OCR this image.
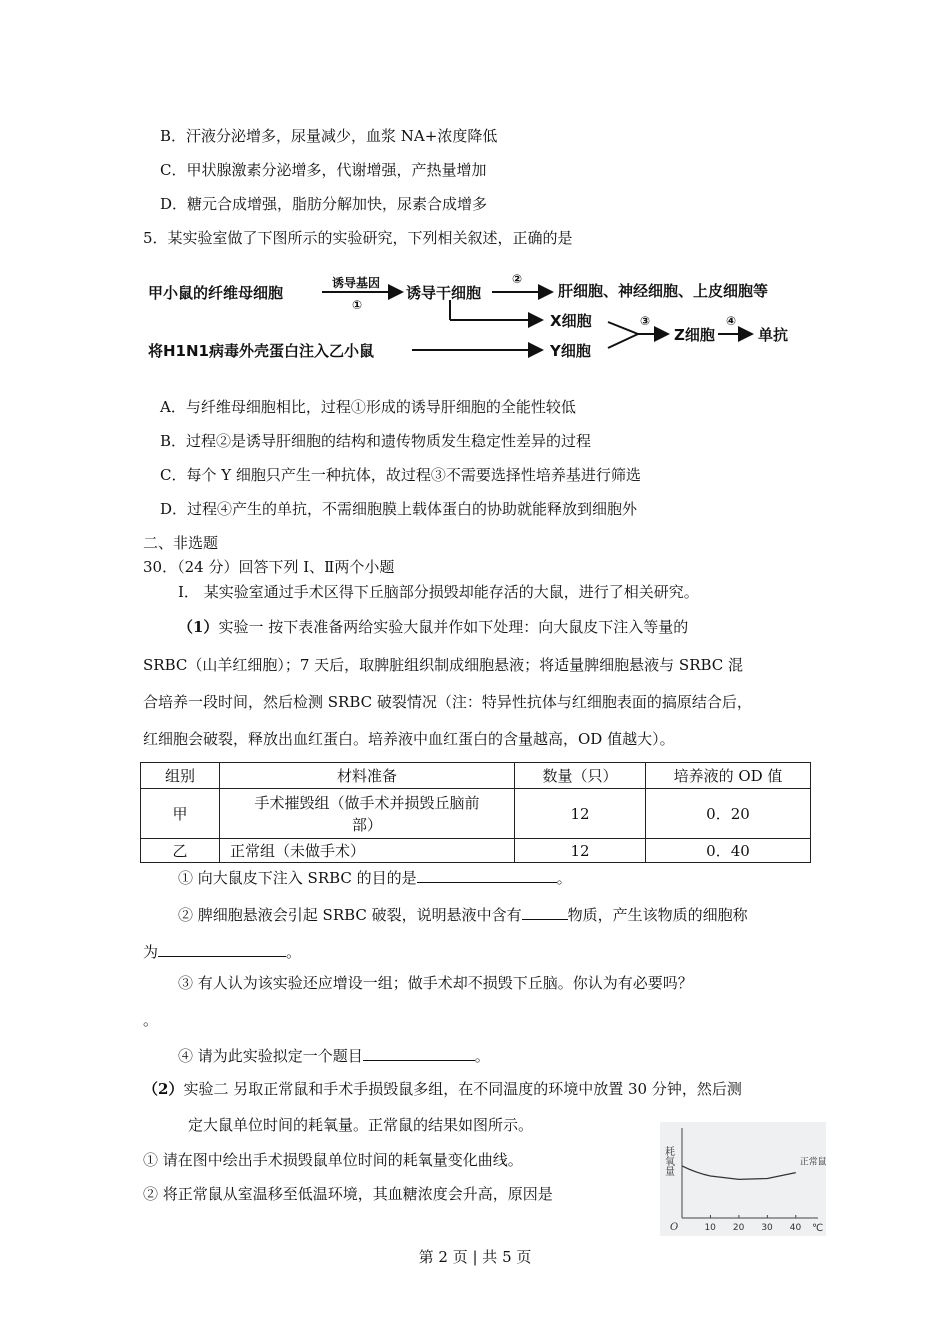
B．汗液分泌增多，尿量减少，血浆 NA+浓度降低
C．甲状腺激素分泌增多，代谢增强，产热量增加
D．糖元合成增强，脂肪分解加快，尿素合成增多
5．某实验室做了下图所示的实验研究，下列相关叙述，正确的是
甲小鼠的纤维母细胞
诱导基因
①
诱导干细胞
②
肝细胞、神经细胞、上皮细胞等
X细胞
将H1N1病毒外壳蛋白注入乙小鼠	Y细胞
③
Z细胞
④
单抗
A．与纤维母细胞相比，过程①形成的诱导肝细胞的全能性较低
B．过程②是诱导肝细胞的结构和遗传物质发生稳定性差异的过程
C．每个 Y 细胞只产生一种抗体，故过程③不需要选择性培养基进行筛选
D．过程④产生的单抗，不需细胞膜上载体蛋白的协助就能释放到细胞外
二、非选题
30．（24 分）回答下列 I、Ⅱ两个小题
I． 某实验室通过手术区得下丘脑部分损毁却能存活的大鼠，进行了相关研究。
（1）实验一 按下表准备两给实验大鼠并作如下处理：向大鼠皮下注入等量的
SRBC（山羊红细胞）；7 天后，取脾脏组织制成细胞悬液；将适量脾细胞悬液与 SRBC 混
合培养一段时间，然后检测 SRBC 破裂情况（注：特异性抗体与红细胞表面的搞原结合后，
红细胞会破裂，释放出血红蛋白。培养液中血红蛋白的含量越高，OD 值越大）。
组别	材料准备	数量（只）	培养液的 OD 值
甲	手术摧毁组（做手术并损毁丘脑前
部）	12	0．20
乙	正常组（未做手术）	12	0．40
① 向大鼠皮下注入 SRBC 的目的是	。
② 脾细胞悬液会引起 SRBC 破裂，说明悬液中含有	物质，产生该物质的细胞称
为	。
③ 有人认为该实验还应增设一组；做手术却不损毁下丘脑。你认为有必要吗？
。
④ 请为此实验拟定一个题目	。
（2）实验二 另取正常鼠和手术手损毁鼠多组，在不同温度的环境中放置 30 分钟，然后测
定大鼠单位时间的耗氧量。正常鼠的结果如图所示。
① 请在图中绘出手术损毁鼠单位时间的耗氧量变化曲线。
② 将正常鼠从室温移至低温环境，其血糖浓度会升高，原因是
耗氧量
℃
O	10 20 30 40
正常鼠
第 2 页 | 共 5 页
